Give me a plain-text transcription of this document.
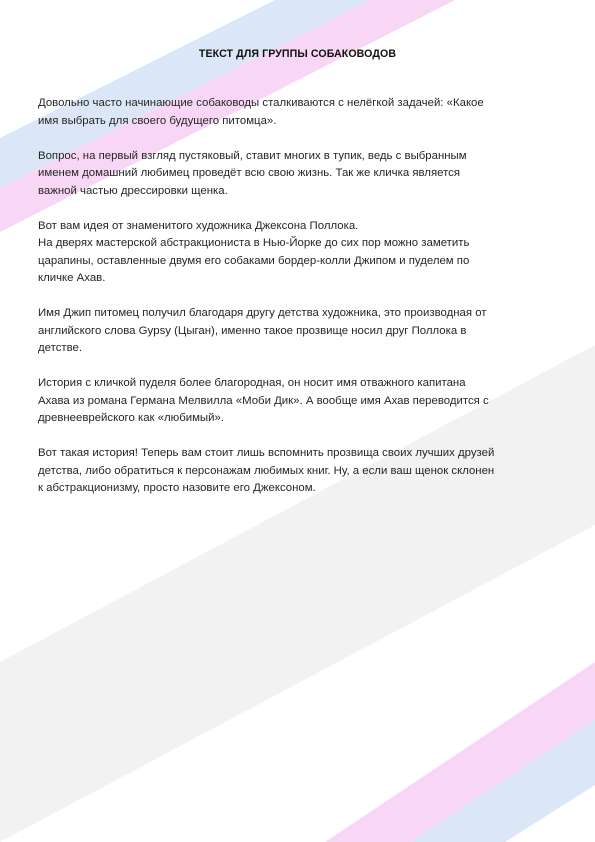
ТЕКСТ ДЛЯ ГРУППЫ СОБАКОВОДОВ
Довольно часто начинающие собаководы сталкиваются с нелёгкой задачей: «Какое
имя выбрать для своего будущего питомца».
Вопрос, на первый взгляд пустяковый, ставит многих в тупик, ведь с выбранным
именем домашний любимец проведёт всю свою жизнь. Так же кличка является
важной частью дрессировки щенка.
Вот вам идея от знаменитого художника Джексона Поллока.
На дверях мастерской абстракциониста в Нью-Йорке до сих пор можно заметить
царапины, оставленные двумя его собаками бордер-колли Джипом и пуделем по
кличке Ахав.
Имя Джип питомец получил благодаря другу детства художника, это производная от
английского слова Gypsy (Цыган), именно такое прозвище носил друг Поллока в
детстве.
История с кличкой пуделя более благородная, он носит имя отважного капитана
Ахава из романа Германа Мелвилла «Моби Дик». А вообще имя Ахав переводится с
древнееврейского как «любимый».
Вот такая история! Теперь вам стоит лишь вспомнить прозвища своих лучших друзей
детства, либо обратиться к персонажам любимых книг. Ну, а если ваш щенок склонен
к абстракционизму, просто назовите его Джексоном.
